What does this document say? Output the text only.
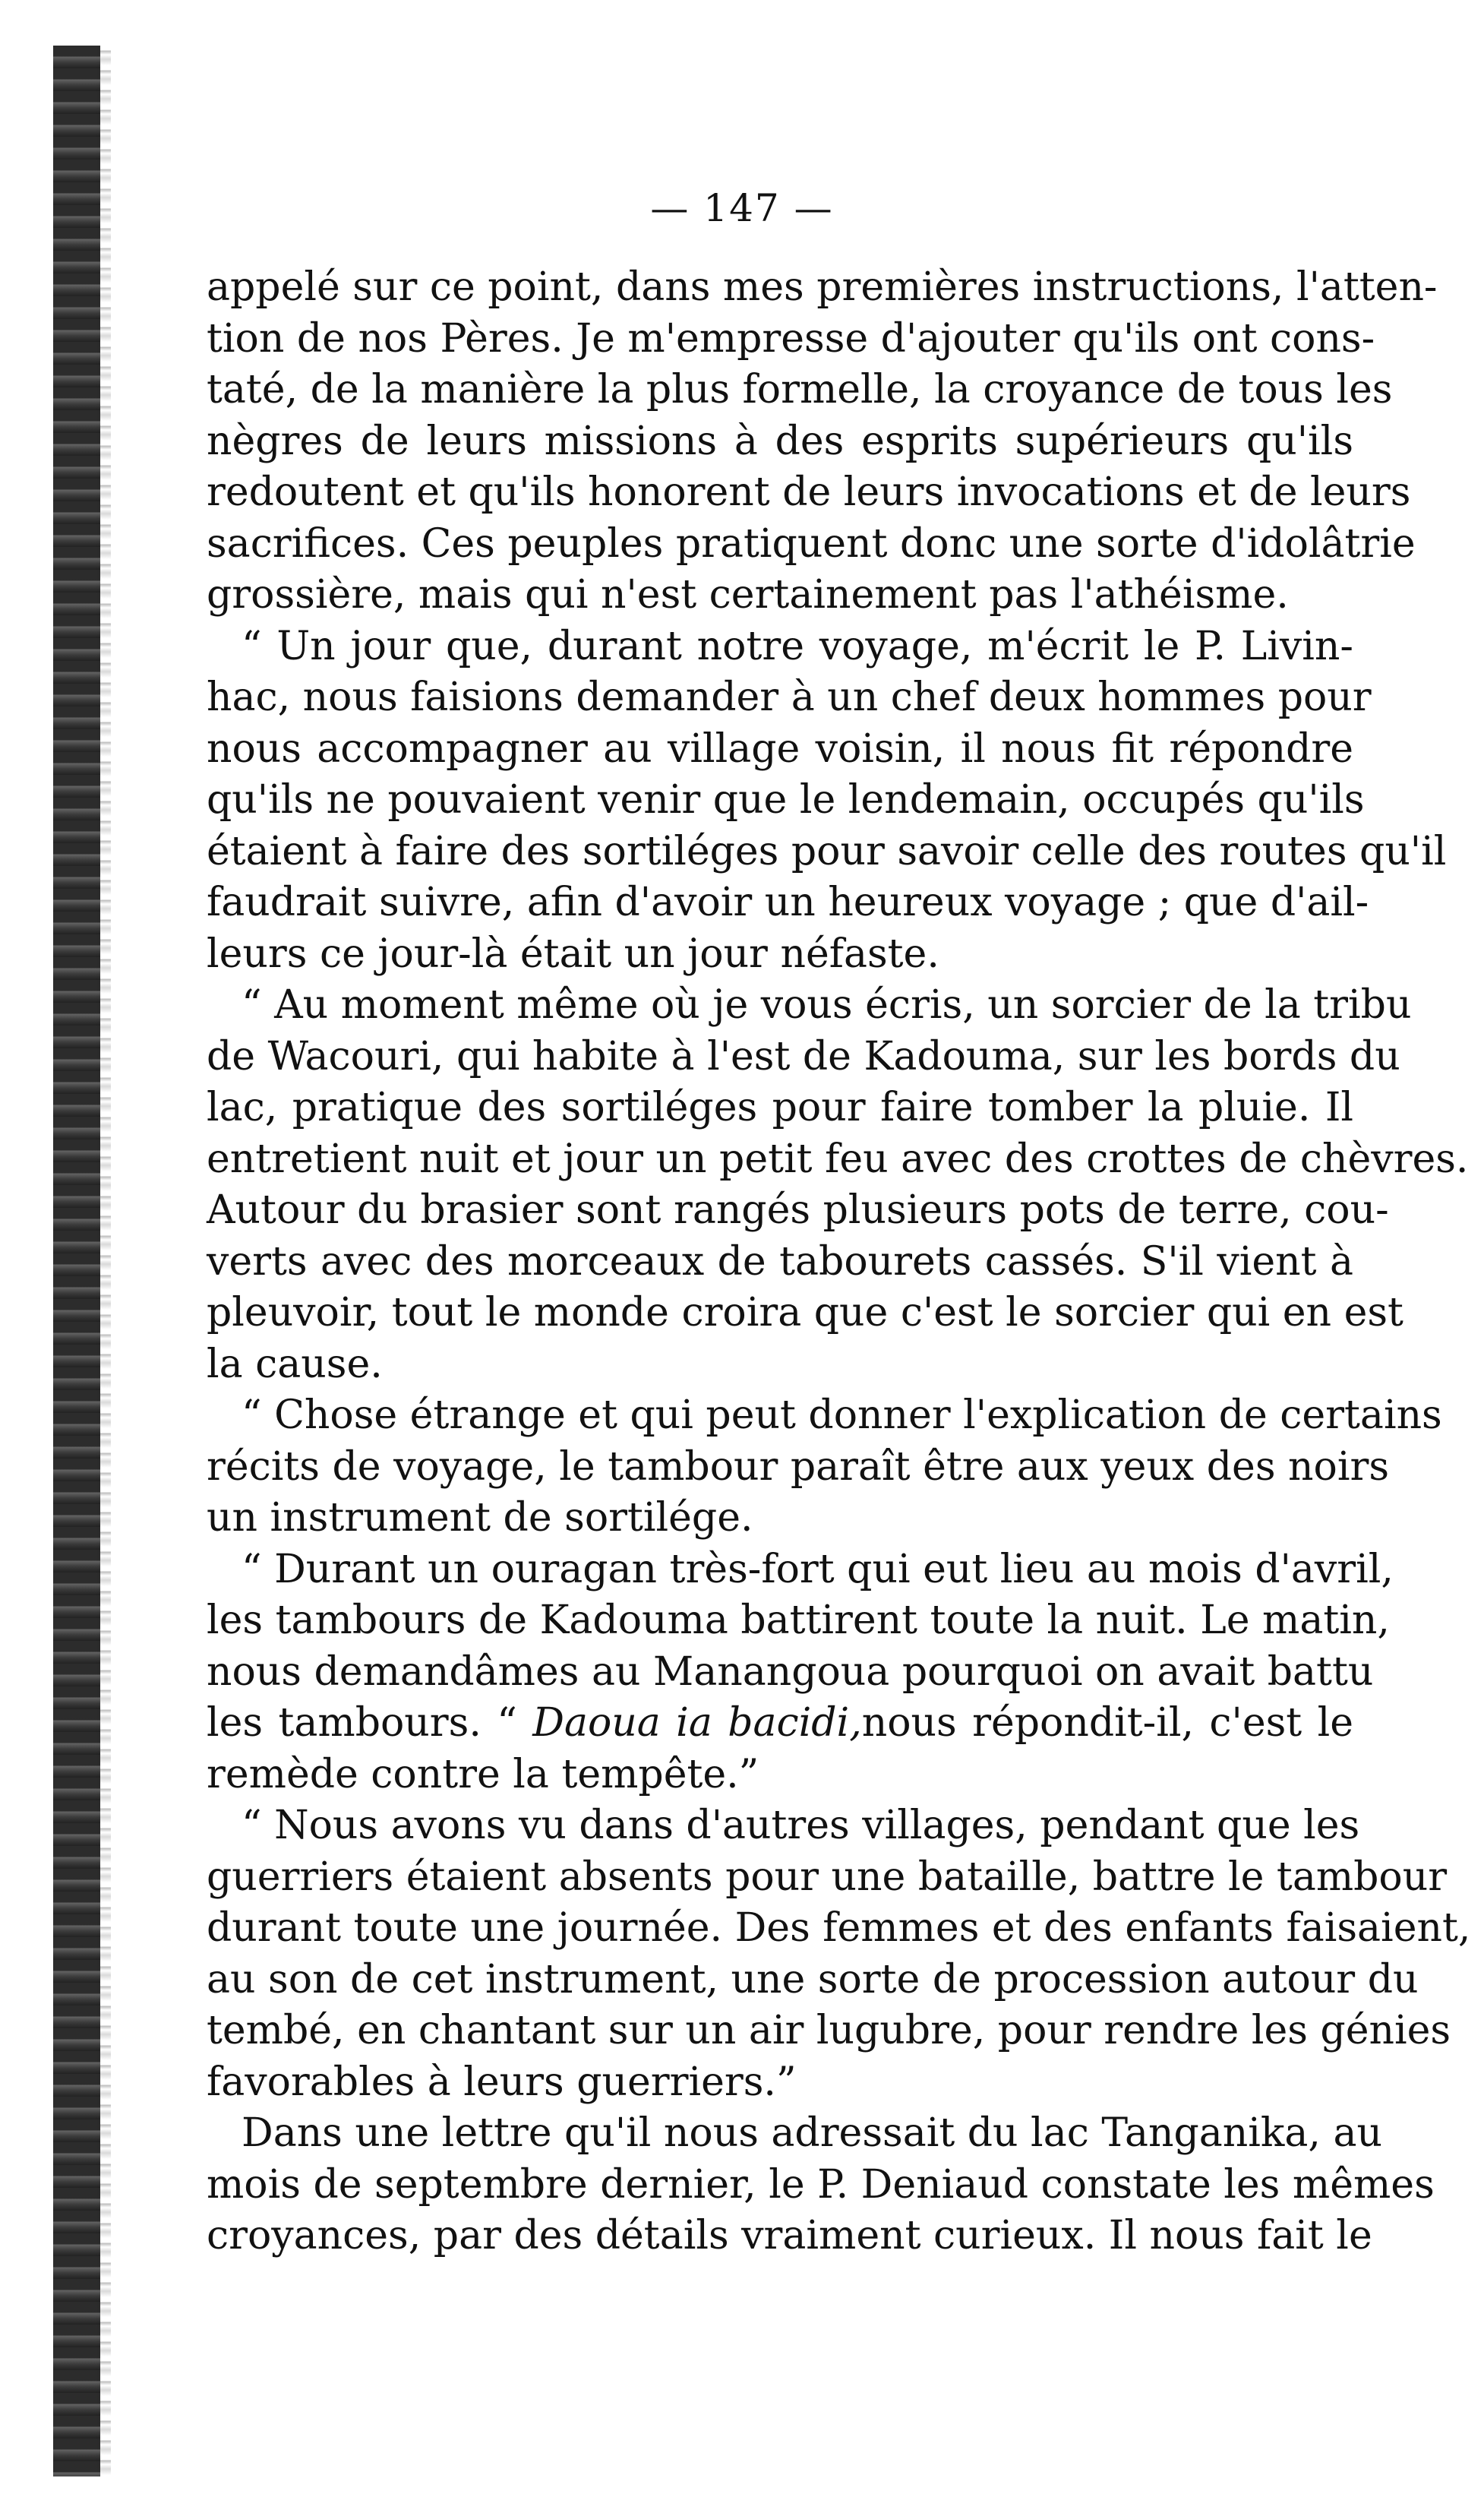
— 147 —
appelé sur ce point, dans mes premières instructions, l'atten-
tion de nos Pères. Je m'empresse d'ajouter qu'ils ont cons-
taté, de la manière la plus formelle, la croyance de tous les
nègres de leurs missions à des esprits supérieurs qu'ils
redoutent et qu'ils honorent de leurs invocations et de leurs
sacrifices. Ces peuples pratiquent donc une sorte d'idolâtrie
grossière, mais qui n'est certainement pas l'athéisme.
“ Un jour que, durant notre voyage, m'écrit le P. Livin-
hac, nous faisions demander à un chef deux hommes pour
nous accompagner au village voisin, il nous fit répondre
qu'ils ne pouvaient venir que le lendemain, occupés qu'ils
étaient à faire des sortiléges pour savoir celle des routes qu'il
faudrait suivre, afin d'avoir un heureux voyage ; que d'ail-
leurs ce jour-là était un jour néfaste.
“ Au moment même où je vous écris, un sorcier de la tribu
de Wacouri, qui habite à l'est de Kadouma, sur les bords du
lac, pratique des sortiléges pour faire tomber la pluie. Il
entretient nuit et jour un petit feu avec des crottes de chèvres.
Autour du brasier sont rangés plusieurs pots de terre, cou-
verts avec des morceaux de tabourets cassés. S'il vient à
pleuvoir, tout le monde croira que c'est le sorcier qui en est
la cause.
“ Chose étrange et qui peut donner l'explication de certains
récits de voyage, le tambour paraît être aux yeux des noirs
un instrument de sortilége.
“ Durant un ouragan très-fort qui eut lieu au mois d'avril,
les tambours de Kadouma battirent toute la nuit. Le matin,
nous demandâmes au Manangoua pourquoi on avait battu
les tambours. “ Daoua ia bacidi,nous répondit-il, c'est le
remède contre la tempête.”
“ Nous avons vu dans d'autres villages, pendant que les
guerriers étaient absents pour une bataille, battre le tambour
durant toute une journée. Des femmes et des enfants faisaient,
au son de cet instrument, une sorte de procession autour du
tembé, en chantant sur un air lugubre, pour rendre les génies
favorables à leurs guerriers.”
Dans une lettre qu'il nous adressait du lac Tanganika, au
mois de septembre dernier, le P. Deniaud constate les mêmes
croyances, par des détails vraiment curieux. Il nous fait le
